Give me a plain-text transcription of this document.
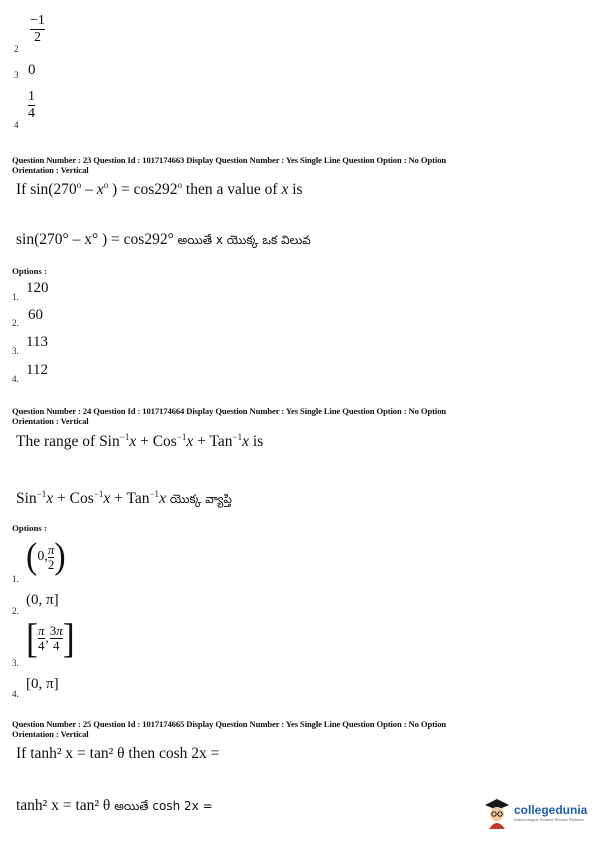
2
−1
2
3 0
4
1
4
Question Number : 23 Question Id : 1017174663 Display Question Number : Yes Single Line Question Option : No Option
Orientation : Vertical
If $\sin(270^o - x^o$ ) = $\cos 292^o$ then a value of x is
sin(270° – x° ) = cos292° అయితే x యొక్క ఒక విలువ
Options :
1.
120
2. 60
3.
113
4.
112
Question Number : 24 Question Id : 1017174664 Display Question Number : Yes Single Line Question Option : No Option
Orientation : Vertical
The range of Sin$^{-1}$x + Cos$^{-1}$x + Tan$^{-1}$x is
Sin$^{-1}$x + Cos$^{-1}$x + Tan$^{-1}$x యొక్క వ్యాప్తి
Options :
1.
( 0, $\frac{\pi}{2}$ )
2.
(0, π]
3.
[ $\frac{\pi}{4}$ , $\frac{3\pi}{4}$ ]
4.
[0, π]
Question Number : 25 Question Id : 1017174665 Display Question Number : Yes Single Line Question Option : No Option
Orientation : Vertical
If tanh² x = tan² θ then cosh 2x =
tanh² x = tan² θ అయితే cosh 2x =	collegedunia
India's largest Student Review Platform
